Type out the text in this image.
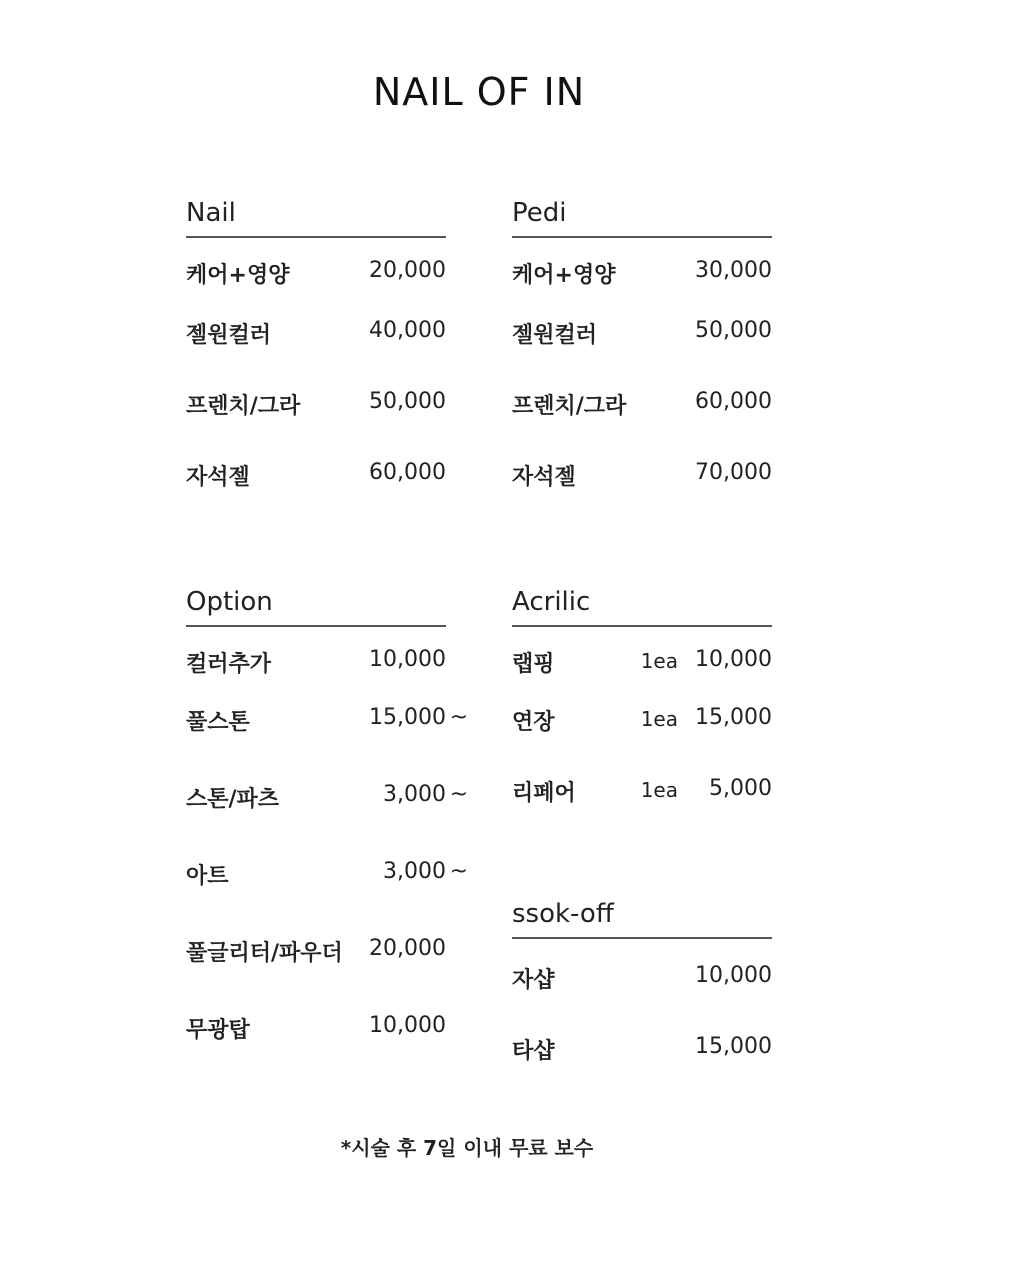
NAIL OF IN
Nail
케어+영양	20,000
젤원컬러	40,000
프렌치/그라	50,000
자석젤	60,000
Pedi
케어+영양	30,000
젤원컬러	50,000
프렌치/그라	60,000
자석젤	70,000
Option
컬러추가	10,000
풀스톤	15,000 ~
스톤/파츠	3,000 ~
아트	3,000 ~
풀글리터/파우더 20,000
무광탑	10,000
Acrilic
랩핑	1ea 10,000
연장	1ea 15,000
리페어	1ea 5,000
ssok-off
자샵	10,000
타샵	15,000
*시술 후 7일 이내 무료 보수
